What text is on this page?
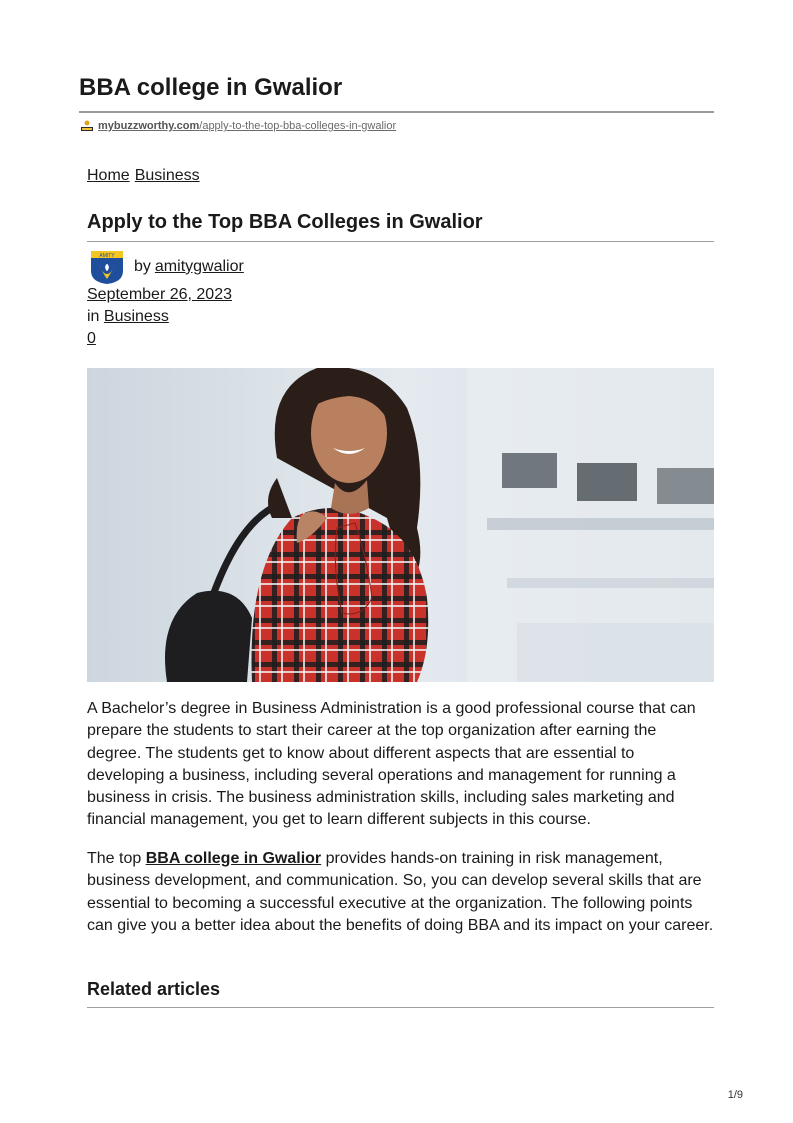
BBA college in Gwalior
mybuzzworthy.com/apply-to-the-top-bba-colleges-in-gwalior
Home Business
Apply to the Top BBA Colleges in Gwalior
AMITY
by amitygwalior
September 26, 2023
in Business
0

A Bachelor’s degree in Business Administration is a good professional course that can prepare the students to start their career at the top organization after earning the degree. The students get to know about different aspects that are essential to developing a business, including several operations and management for running a business in crisis. The business administration skills, including sales marketing and financial management, you get to learn different subjects in this course.

The top BBA college in Gwalior provides hands-on training in risk management, business development, and communication. So, you can develop several skills that are essential to becoming a successful executive at the organization. The following points can give you a better idea about the benefits of doing BBA and its impact on your career.

Related articles
1/9
